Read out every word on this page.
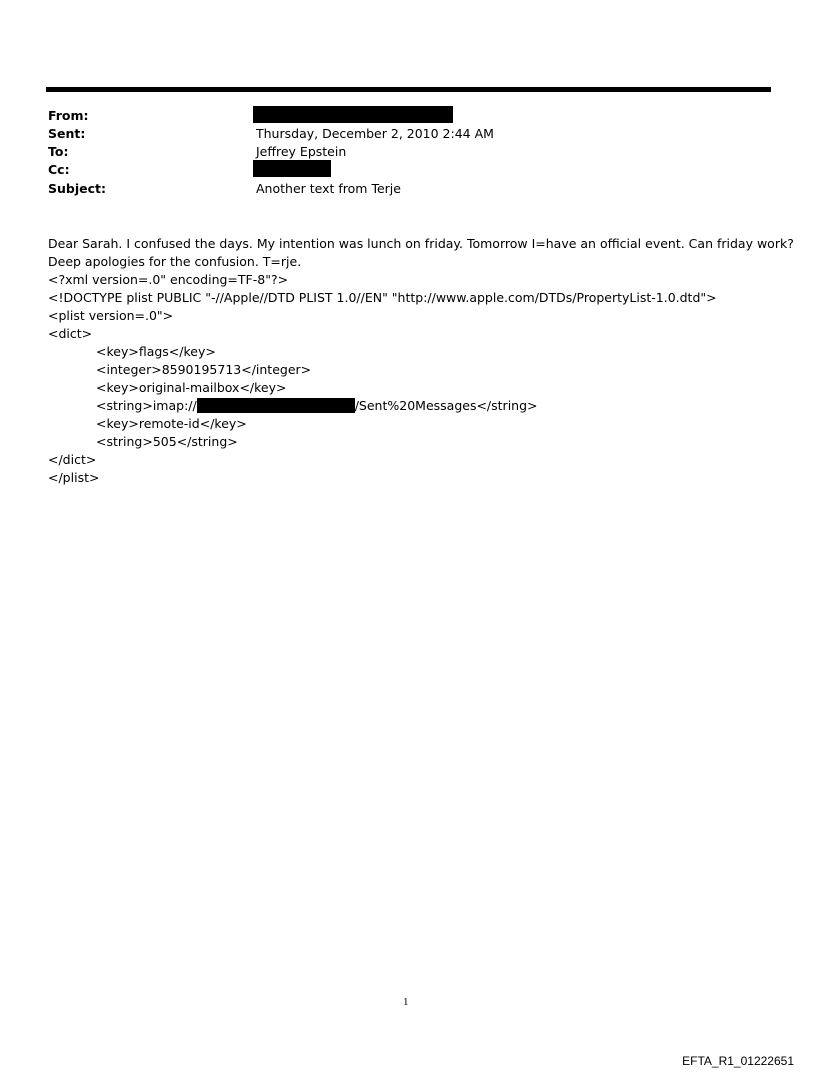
From:
Sent:	Thursday, December 2, 2010 2:44 AM
To:	Jeffrey Epstein
Cc:
Subject:	Another text from Terje
Dear Sarah. I confused the days. My intention was lunch on friday. Tomorrow I=have an official event. Can friday work?
Deep apologies for the confusion. T=rje.
<?xml version=.0" encoding=TF-8"?>
<!DOCTYPE plist PUBLIC "-//Apple//DTD PLIST 1.0//EN" "http://www.apple.com/DTDs/PropertyList-1.0.dtd">
<plist version=.0">
<dict>
<key>flags</key>
<integer>8590195713</integer>
<key>original-mailbox</key>
<string>imap://	/Sent%20Messages</string>
<key>remote-id</key>
<string>505</string>
</dict>
</plist>
1
EFTA_R1_01222651
